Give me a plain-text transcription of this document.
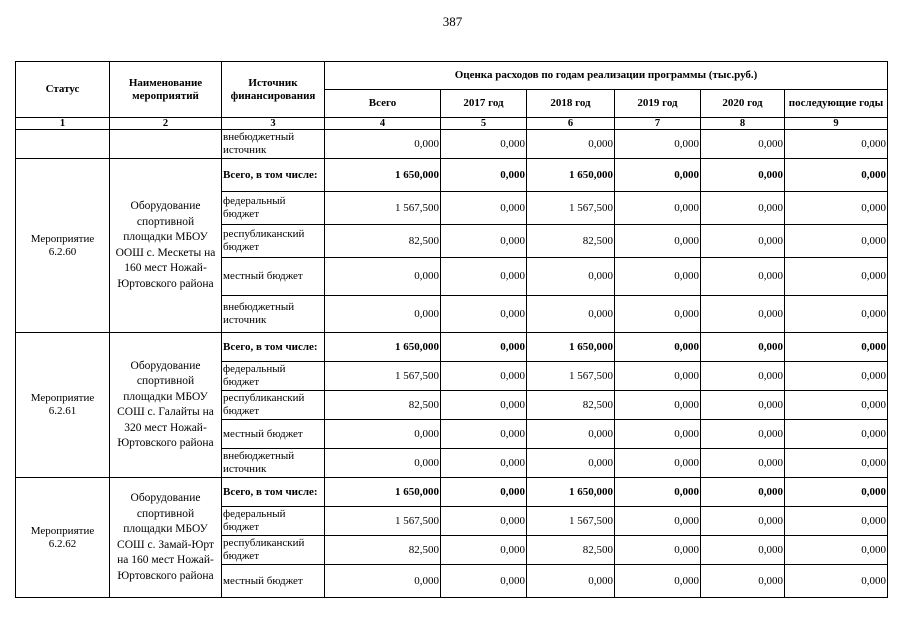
387
Статус	Наименование мероприятий	Источник финансирования	Оценка расходов по годам реализации программы (тыс.руб.)					
			Всего	2017 год	2018 год	2019 год	2020 год	последующие годы
1	2	3	4	5	6	7	8	9
		внебюджетный источник	0,000	0,000	0,000	0,000	0,000	0,000
Мероприятие 6.2.60	Оборудование спортивной площадки МБОУ ООШ с. Мескеты на 160 мест Ножай-Юртовского района	Всего, в том числе:	1 650,000	0,000	1 650,000	0,000	0,000	0,000
		федеральный бюджет	1 567,500	0,000	1 567,500	0,000	0,000	0,000
		республиканский бюджет	82,500	0,000	82,500	0,000	0,000	0,000
		местный бюджет	0,000	0,000	0,000	0,000	0,000	0,000
		внебюджетный источник	0,000	0,000	0,000	0,000	0,000	0,000
Мероприятие 6.2.61	Оборудование спортивной площадки МБОУ СОШ с. Галайты на 320 мест Ножай-Юртовского района	Всего, в том числе:	1 650,000	0,000	1 650,000	0,000	0,000	0,000
		федеральный бюджет	1 567,500	0,000	1 567,500	0,000	0,000	0,000
		республиканский бюджет	82,500	0,000	82,500	0,000	0,000	0,000
		местный бюджет	0,000	0,000	0,000	0,000	0,000	0,000
		внебюджетный источник	0,000	0,000	0,000	0,000	0,000	0,000
Мероприятие 6.2.62	Оборудование спортивной площадки МБОУ СОШ с. Замай-Юрт на 160 мест Ножай-Юртовского района	Всего, в том числе:	1 650,000	0,000	1 650,000	0,000	0,000	0,000
		федеральный бюджет	1 567,500	0,000	1 567,500	0,000	0,000	0,000
		республиканский бюджет	82,500	0,000	82,500	0,000	0,000	0,000
		местный бюджет	0,000	0,000	0,000	0,000	0,000	0,000
